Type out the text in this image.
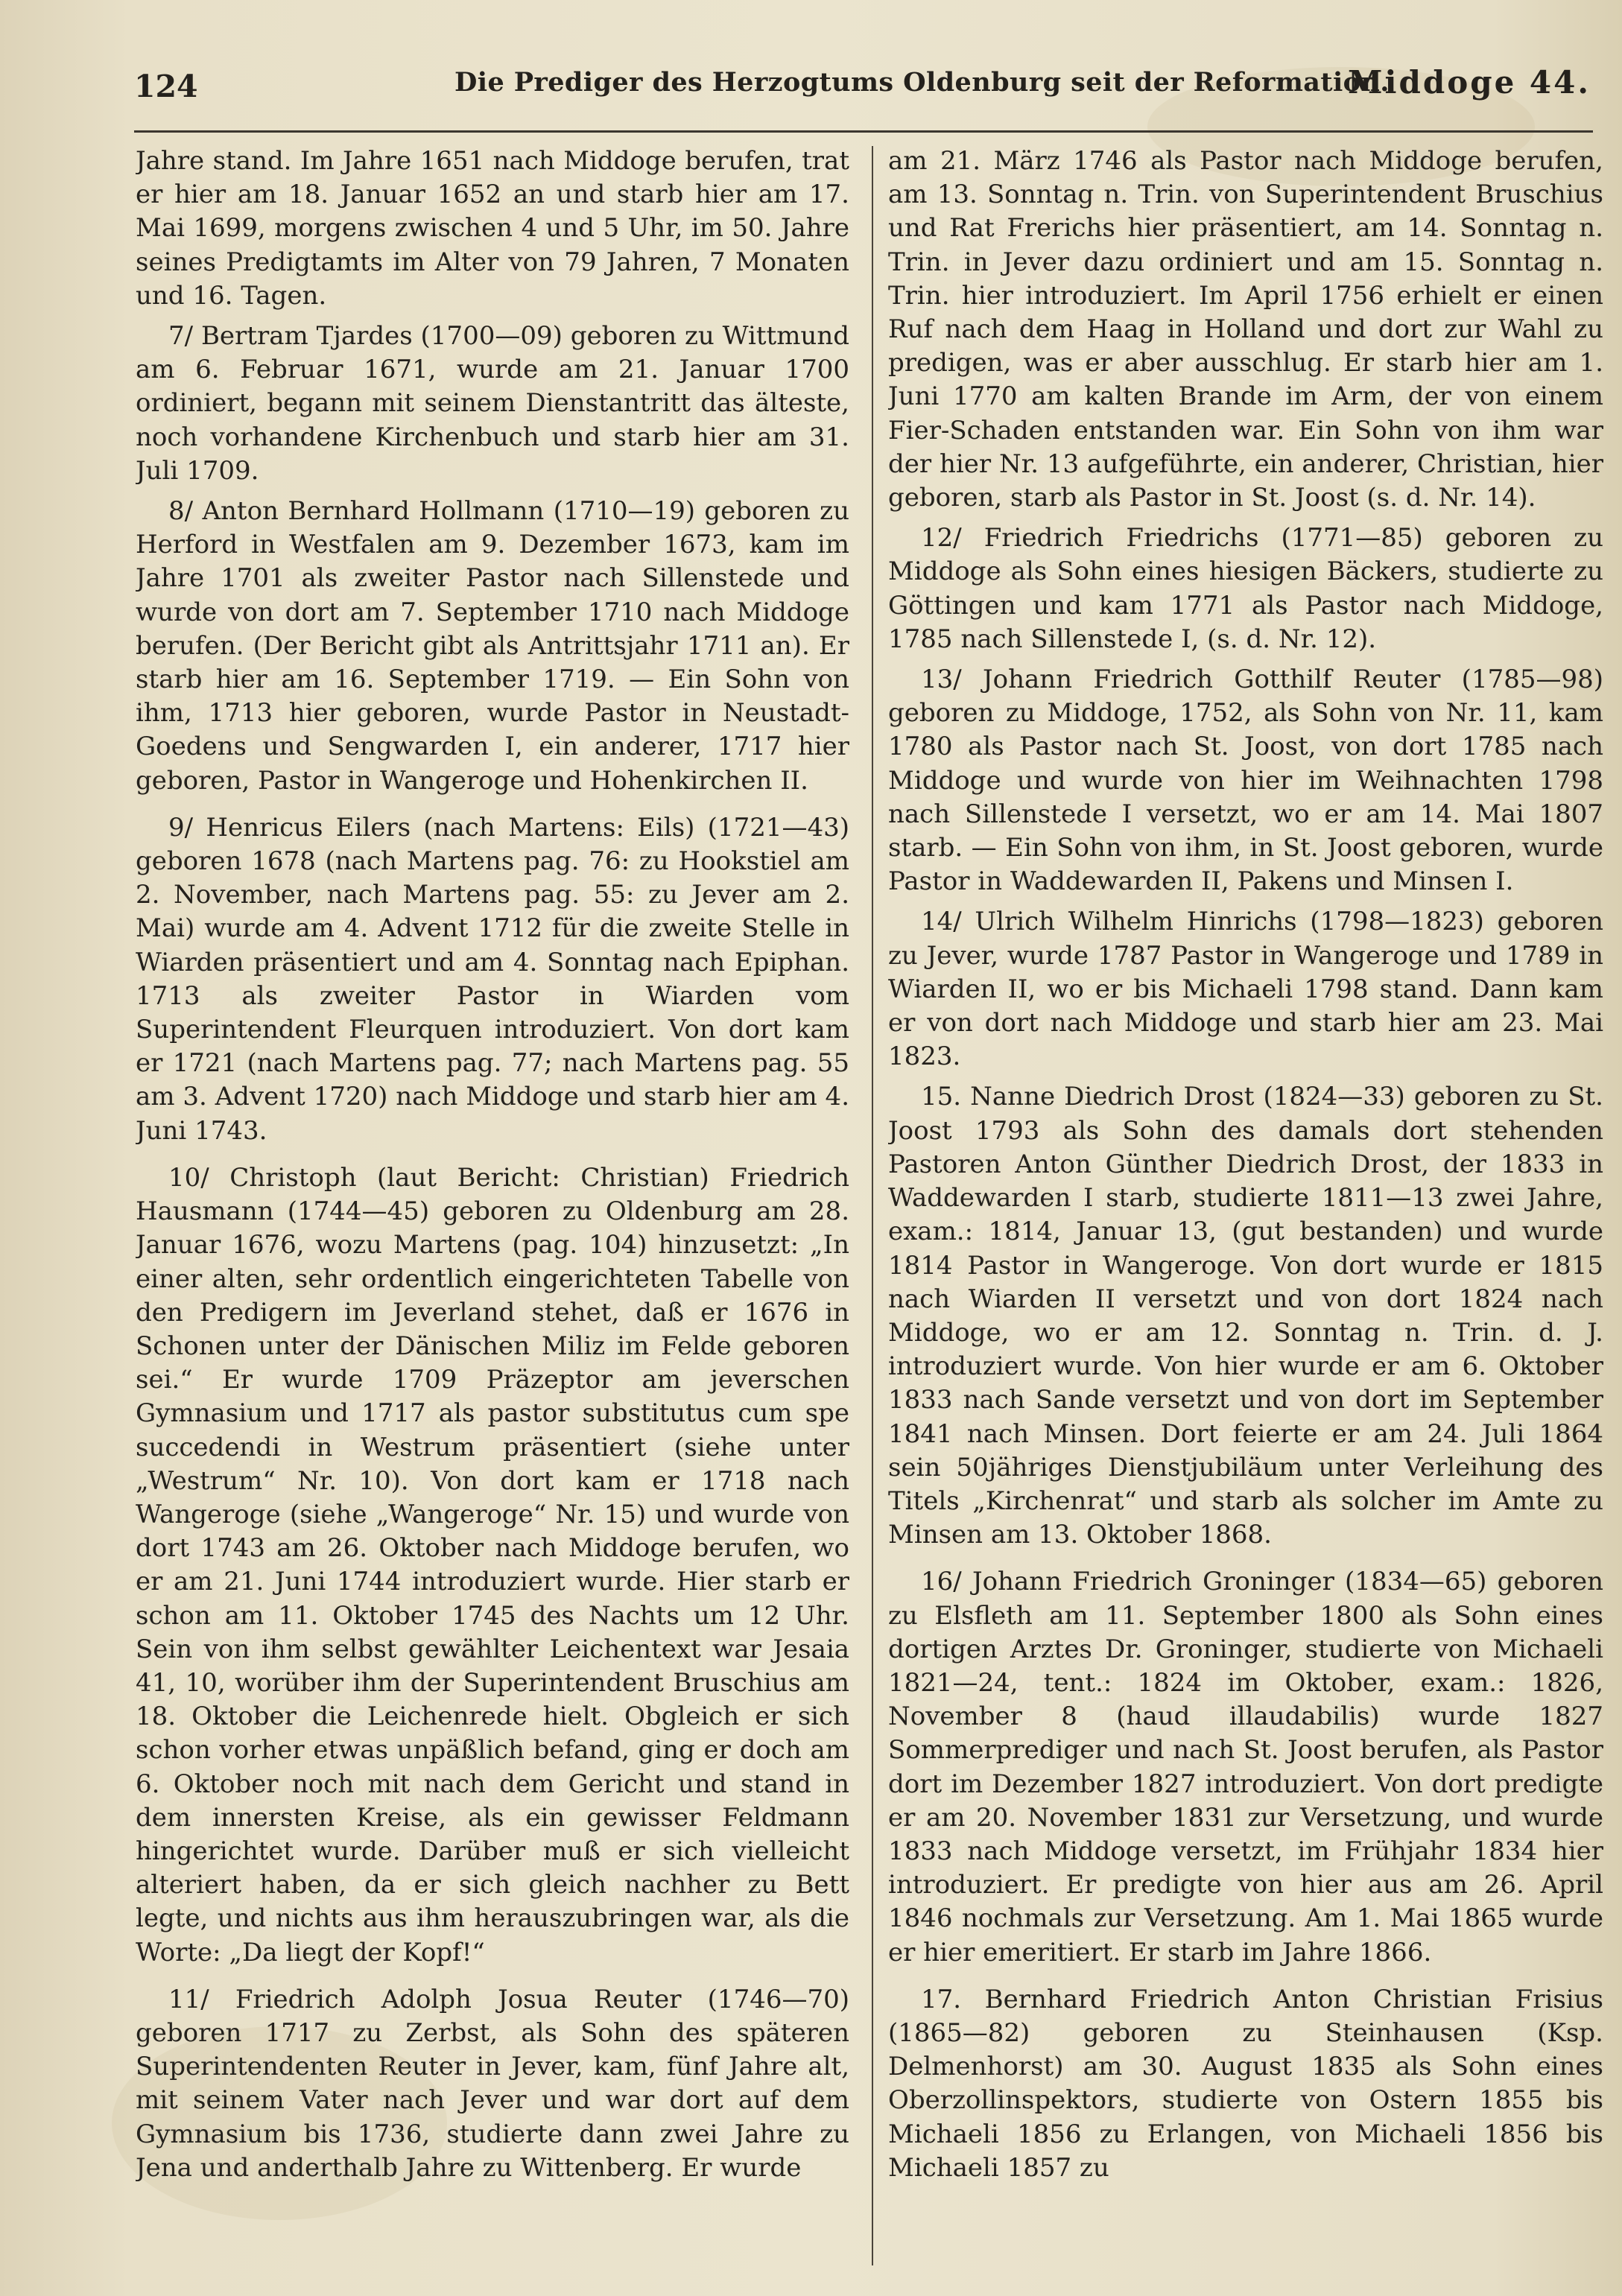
124	Die Prediger des Herzogtums Oldenburg seit der Reformation.
Middoge 44.

Jahre stand. Im Jahre 1651 nach Middoge berufen, trat er hier am 18. Januar 1652 an und starb hier am 17. Mai 1699, morgens zwischen 4 und 5 Uhr, im 50. Jahre seines Predigtamts im Alter von 79 Jahren, 7 Monaten und 16. Tagen.

7/ Bertram Tjardes (1700—09) geboren zu Wittmund am 6. Februar 1671, wurde am 21. Januar 1700 ordiniert, begann mit seinem Dienstantritt das älteste, noch vorhandene Kirchenbuch und starb hier am 31. Juli 1709.

8/ Anton Bernhard Hollmann (1710—19) geboren zu Herford in Westfalen am 9. Dezember 1673, kam im Jahre 1701 als zweiter Pastor nach Sillenstede und wurde von dort am 7. September 1710 nach Middoge berufen. (Der Bericht gibt als Antrittsjahr 1711 an). Er starb hier am 16. September 1719. — Ein Sohn von ihm, 1713 hier geboren, wurde Pastor in Neustadt-Goedens und Sengwarden I, ein anderer, 1717 hier geboren, Pastor in Wangeroge und Hohenkirchen II.

9/ Henricus Eilers (nach Martens: Eils) (1721—43) geboren 1678 (nach Martens pag. 76: zu Hookstiel am 2. November, nach Martens pag. 55: zu Jever am 2. Mai) wurde am 4. Advent 1712 für die zweite Stelle in Wiarden präsentiert und am 4. Sonntag nach Epiphan. 1713 als zweiter Pastor in Wiarden vom Superintendent Fleurquen introduziert. Von dort kam er 1721 (nach Martens pag. 77; nach Martens pag. 55 am 3. Advent 1720) nach Middoge und starb hier am 4. Juni 1743.

10/ Christoph (laut Bericht: Christian) Friedrich Hausmann (1744—45) geboren zu Oldenburg am 28. Januar 1676, wozu Martens (pag. 104) hinzusetzt: „In einer alten, sehr ordentlich eingerichteten Tabelle von den Predigern im Jeverland stehet, daß er 1676 in Schonen unter der Dänischen Miliz im Felde geboren sei.“ Er wurde 1709 Präzeptor am jeverschen Gymnasium und 1717 als pastor substitutus cum spe succedendi in Westrum präsentiert (siehe unter „Westrum“ Nr. 10). Von dort kam er 1718 nach Wangeroge (siehe „Wangeroge“ Nr. 15) und wurde von dort 1743 am 26. Oktober nach Middoge berufen, wo er am 21. Juni 1744 introduziert wurde. Hier starb er schon am 11. Oktober 1745 des Nachts um 12 Uhr. Sein von ihm selbst gewählter Leichentext war Jesaia 41, 10, worüber ihm der Superintendent Bruschius am 18. Oktober die Leichenrede hielt. Obgleich er sich schon vorher etwas unpäßlich befand, ging er doch am 6. Oktober noch mit nach dem Gericht und stand in dem innersten Kreise, als ein gewisser Feldmann hingerichtet wurde. Darüber muß er sich vielleicht alteriert haben, da er sich gleich nachher zu Bett legte, und nichts aus ihm herauszubringen war, als die Worte: „Da liegt der Kopf!“

11/ Friedrich Adolph Josua Reuter (1746—70) geboren 1717 zu Zerbst, als Sohn des späteren Superintendenten Reuter in Jever, kam, fünf Jahre alt, mit seinem Vater nach Jever und war dort auf dem Gymnasium bis 1736, studierte dann zwei Jahre zu Jena und anderthalb Jahre zu Wittenberg. Er wurde

am 21. März 1746 als Pastor nach Middoge berufen, am 13. Sonntag n. Trin. von Superintendent Bruschius und Rat Frerichs hier präsentiert, am 14. Sonntag n. Trin. in Jever dazu ordiniert und am 15. Sonntag n. Trin. hier introduziert. Im April 1756 erhielt er einen Ruf nach dem Haag in Holland und dort zur Wahl zu predigen, was er aber ausschlug. Er starb hier am 1. Juni 1770 am kalten Brande im Arm, der von einem Fier-Schaden entstanden war. Ein Sohn von ihm war der hier Nr. 13 aufgeführte, ein anderer, Christian, hier geboren, starb als Pastor in St. Joost (s. d. Nr. 14).

12/ Friedrich Friedrichs (1771—85) geboren zu Middoge als Sohn eines hiesigen Bäckers, studierte zu Göttingen und kam 1771 als Pastor nach Middoge, 1785 nach Sillenstede I, (s. d. Nr. 12).

13/ Johann Friedrich Gotthilf Reuter (1785—98) geboren zu Middoge, 1752, als Sohn von Nr. 11, kam 1780 als Pastor nach St. Joost, von dort 1785 nach Middoge und wurde von hier im Weihnachten 1798 nach Sillenstede I versetzt, wo er am 14. Mai 1807 starb. — Ein Sohn von ihm, in St. Joost geboren, wurde Pastor in Waddewarden II, Pakens und Minsen I.

14/ Ulrich Wilhelm Hinrichs (1798—1823) geboren zu Jever, wurde 1787 Pastor in Wangeroge und 1789 in Wiarden II, wo er bis Michaeli 1798 stand. Dann kam er von dort nach Middoge und starb hier am 23. Mai 1823.

15. Nanne Diedrich Drost (1824—33) geboren zu St. Joost 1793 als Sohn des damals dort stehenden Pastoren Anton Günther Diedrich Drost, der 1833 in Waddewarden I starb, studierte 1811—13 zwei Jahre, exam.: 1814, Januar 13, (gut bestanden) und wurde 1814 Pastor in Wangeroge. Von dort wurde er 1815 nach Wiarden II versetzt und von dort 1824 nach Middoge, wo er am 12. Sonntag n. Trin. d. J. introduziert wurde. Von hier wurde er am 6. Oktober 1833 nach Sande versetzt und von dort im September 1841 nach Minsen. Dort feierte er am 24. Juli 1864 sein 50jähriges Dienstjubiläum unter Verleihung des Titels „Kirchenrat“ und starb als solcher im Amte zu Minsen am 13. Oktober 1868.

16/ Johann Friedrich Groninger (1834—65) geboren zu Elsfleth am 11. September 1800 als Sohn eines dortigen Arztes Dr. Groninger, studierte von Michaeli 1821—24, tent.: 1824 im Oktober, exam.: 1826, November 8 (haud illaudabilis) wurde 1827 Sommerprediger und nach St. Joost berufen, als Pastor dort im Dezember 1827 introduziert. Von dort predigte er am 20. November 1831 zur Versetzung, und wurde 1833 nach Middoge versetzt, im Frühjahr 1834 hier introduziert. Er predigte von hier aus am 26. April 1846 nochmals zur Versetzung. Am 1. Mai 1865 wurde er hier emeritiert. Er starb im Jahre 1866.

17. Bernhard Friedrich Anton Christian Frisius (1865—82) geboren zu Steinhausen (Ksp. Delmenhorst) am 30. August 1835 als Sohn eines Oberzollinspektors, studierte von Ostern 1855 bis Michaeli 1856 zu Erlangen, von Michaeli 1856 bis Michaeli 1857 zu
